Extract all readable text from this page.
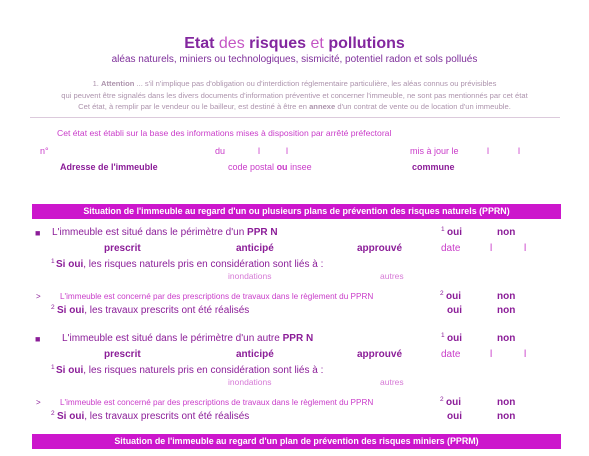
Etat des risques et pollutions
aléas naturels, miniers ou technologiques, sismicité, potentiel radon et sols pollués
1. Attention ... s'il n'implique pas d'obligation ou d'interdiction réglementaire particulière, les aléas connus ou prévisibles
qui peuvent être signalés dans les divers documents d'information préventive et concerner l'immeuble, ne sont pas mentionnés par cet état
Cet état, à remplir par le vendeur ou le bailleur, est destiné à être en annexe d'un contrat de vente ou de location d'un immeuble.
Cet état est établi sur la base des informations mises à disposition par arrêté préfectoral
n°	du	l	l	mis à jour le	l	l
Adresse de l'immeuble	code postal ou insee	commune
Situation de l'immeuble au regard d'un ou plusieurs plans de prévention des risques naturels (PPRN)
■ L'immeuble est situé dans le périmètre d'un PPR N	1 oui	non
prescrit	anticipé	approuvé	date	l	l
1 Si oui, les risques naturels pris en considération sont liés à :
inondations	autres
> L'immeuble est concerné par des prescriptions de travaux dans le règlement du PPRN	2 oui	non
2 Si oui, les travaux prescrits ont été réalisés	oui	non
■ L'immeuble est situé dans le périmètre d'un autre PPR N	1 oui	non
prescrit	anticipé	approuvé	date	l	l
1 Si oui, les risques naturels pris en considération sont liés à :
inondations	autres
> L'immeuble est concerné par des prescriptions de travaux dans le règlement du PPRN	2 oui	non
2 Si oui, les travaux prescrits ont été réalisés	oui	non
Situation de l'immeuble au regard d'un plan de prévention des risques miniers (PPRM)
